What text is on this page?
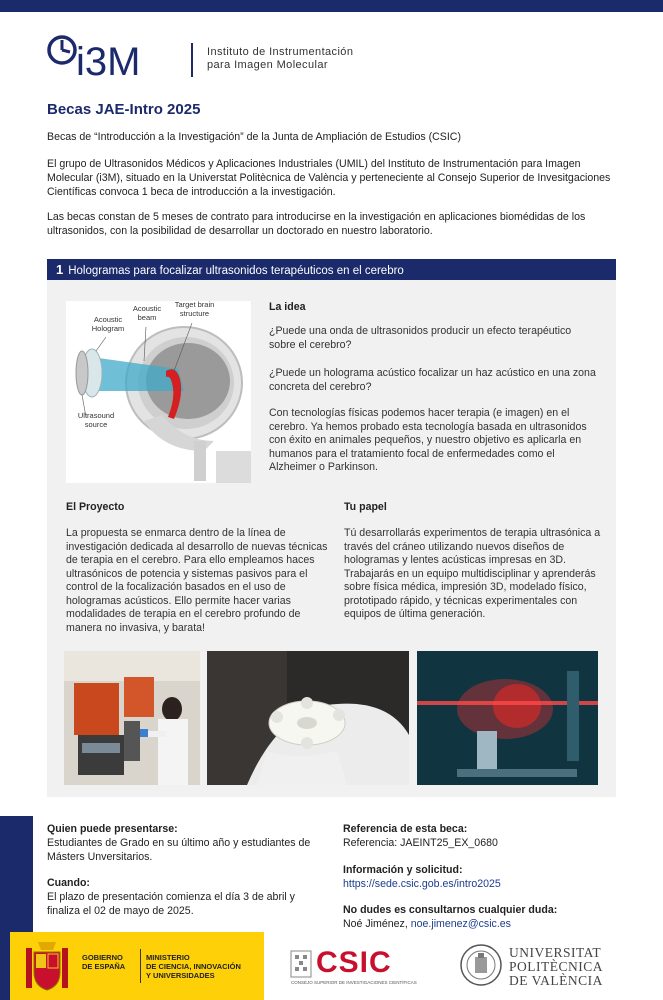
i3M	Instituto de Instrumentación
para Imagen Molecular
Becas JAE-Intro 2025
Becas de “Introducción a la Investigación” de la Junta de Ampliación de Estudios (CSIC)
El grupo de Ultrasonidos Médicos y Aplicaciones Industriales (UMIL) del Instituto de Instrumentación para Imagen Molecular (i3M), situado en la Universtat Politècnica de València y perteneciente al Consejo Superior de Invesitgaciones Científicas convoca 1 beca de introducción a la investigación.
Las becas constan de 5 meses de contrato para introducirse en la investigación en aplicaciones biomédidas de los ultrasonidos, con la posibilidad de desarrollar un doctorado en nuestro laboratorio.
1 Hologramas para focalizar ultrasonidos terapéuticos en el cerebro
Acoustic Hologram
Acoustic beam
Target brain structure
Ultrasound source
La idea
¿Puede una onda de ultrasonidos producir un efecto terapéutico sobre el cerebro?
¿Puede un holograma acústico focalizar un haz acústico en una zona concreta del cerebro?
Con tecnologías físicas podemos hacer terapia (e imagen) en el cerebro. Ya hemos probado esta tecnología basada en ultrasonidos con éxito en animales pequeños, y nuestro objetivo es aplicarla en humanos para el tratamiento focal de enfermedades como el Alzheimer o Parkinson.
El Proyecto
La propuesta se enmarca dentro de la línea de investigación dedicada al desarrollo de nuevas técnicas de terapia en el cerebro. Para ello empleamos haces ultrasónicos de potencia y sistemas pasivos para el control de la focalización basados en el uso de hologramas acústicos. Ello permite hacer varias modalidades de terapia en el cerebro profundo de manera no invasiva, y barata!
Tu papel
Tú desarrollarás experimentos de terapia ultrasónica a través del cráneo utilizando nuevos diseños de hologramas y lentes acústicas impresas en 3D. Trabajarás en un equipo multidisciplinar y aprenderás sobre física médica, impresión 3D, modelado físico, prototipado rápido, y técnicas experimentales con equipos de última generación.
Quien puede presentarse:
Estudiantes de Grado en su último año y estudiantes de Másters Unversitarios.
Cuando:
El plazo de presentación comienza el día 3 de abril y finaliza el 02 de mayo de 2025.
Referencia de esta beca:
Referencia: JAEINT25_EX_0680
Información y solicitud:
https://sede.csic.gob.es/intro2025
No dudes es consultarnos cualquier duda:
Noé Jiménez, noe.jimenez@csic.es
GOBIERNO
DE ESPAÑA
MINISTERIO
DE CIENCIA, INNOVACIÓN
Y UNIVERSIDADES	CSIC
CONSEJO SUPERIOR DE INVESTIGACIONES CIENTÍFICAS
UNIVERSITAT
POLITÈCNICA
DE VALÈNCIA
